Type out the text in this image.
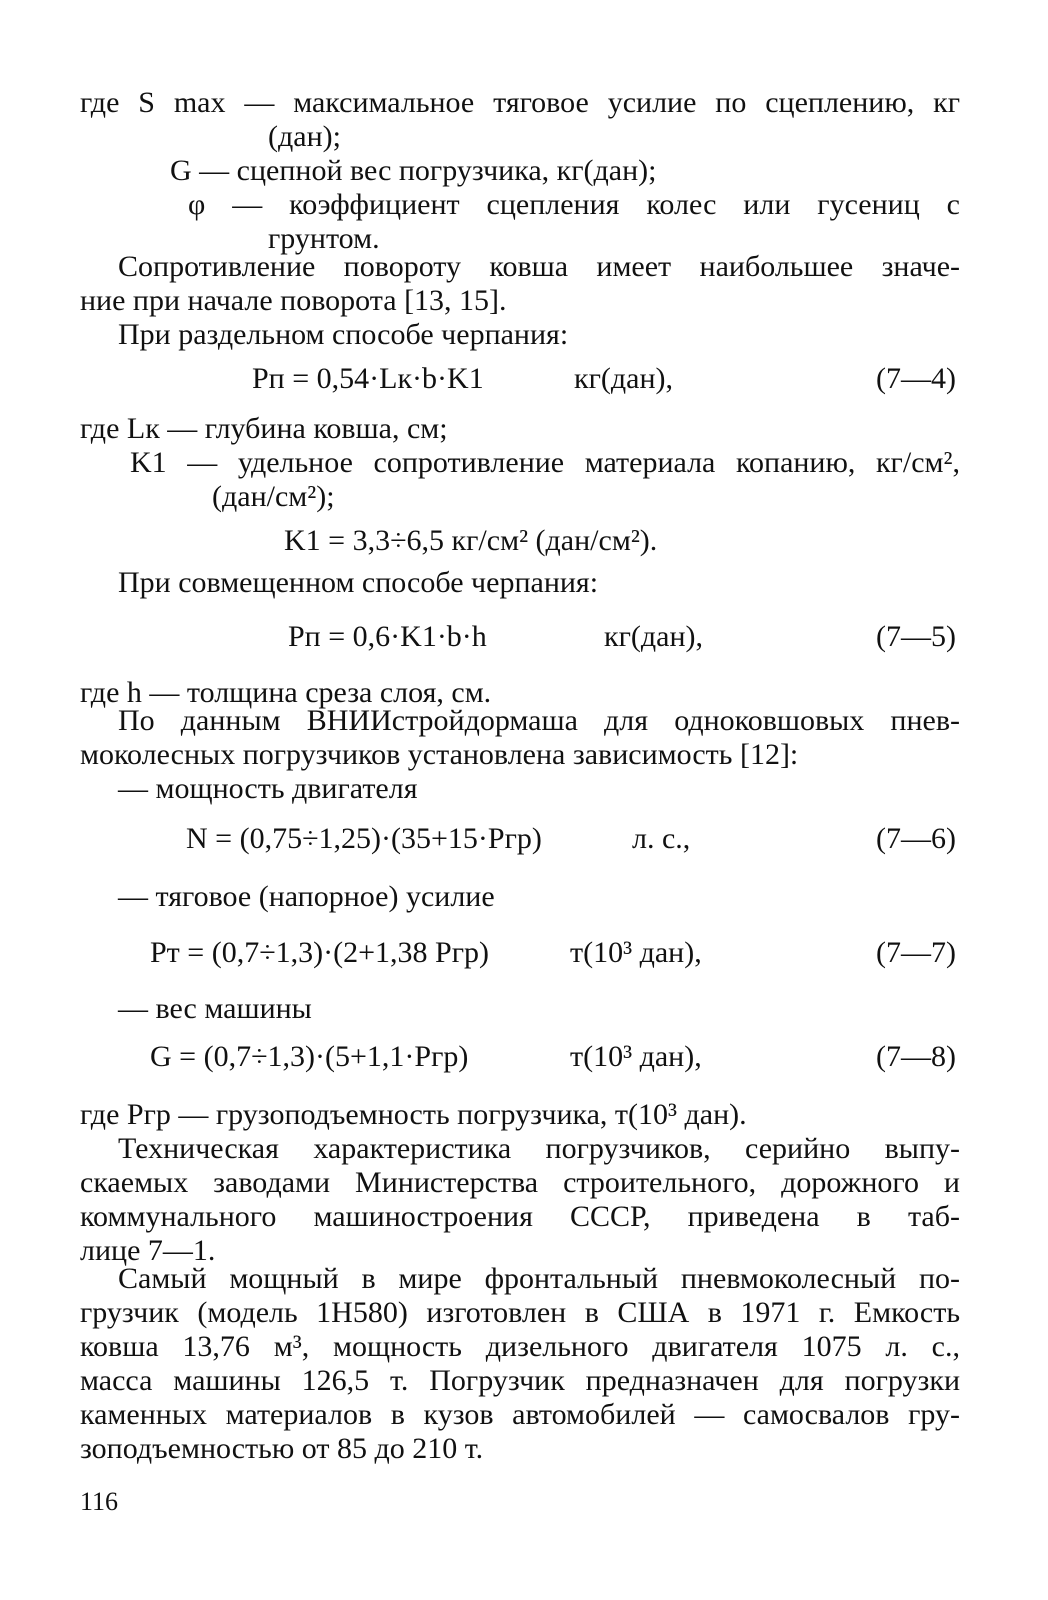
где S max — максимальное тяговое усилие по сцеплению, кг
(дан);
G — сцепной вес погрузчика, кг(дан);
φ — коэффициент сцепления колес или гусениц с
грунтом.
Сопротивление повороту ковша имеет наибольшее значе-
ние при начале поворота [13, 15].
При раздельном способе черпания:
Pп = 0,54·Lк·b·K1	кг(дан),	(7—4)
где Lк — глубина ковша, см;
K1 — удельное сопротивление материала копанию, кг/см²,
(дан/см²);
K1 = 3,3÷6,5 кг/см² (дан/см²).
При совмещенном способе черпания:
Pп = 0,6·K1·b·h	кг(дан),	(7—5)
где h — толщина среза слоя, см.
По данным ВНИИстройдормаша для одноковшовых пнев-
моколесных погрузчиков установлена зависимость [12]:
— мощность двигателя
N = (0,75÷1,25)·(35+15·Pгр)	л. с.,	(7—6)
— тяговое (напорное) усилие
Pт = (0,7÷1,3)·(2+1,38 Pгр)	т(10³ дан),	(7—7)
— вес машины
G = (0,7÷1,3)·(5+1,1·Pгр)	т(10³ дан),	(7—8)
где Pгр — грузоподъемность погрузчика, т(10³ дан).
Техническая характеристика погрузчиков, серийно выпу-
скаемых заводами Министерства строительного, дорожного и
коммунального машиностроения СССР, приведена в таб-
лице 7—1.
Самый мощный в мире фронтальный пневмоколесный по-
грузчик (модель 1Н580) изготовлен в США в 1971 г. Емкость
ковша 13,76 м³, мощность дизельного двигателя 1075 л. с.,
масса машины 126,5 т. Погрузчик предназначен для погрузки
каменных материалов в кузов автомобилей — самосвалов гру-
зоподъемностью от 85 до 210 т.
116
